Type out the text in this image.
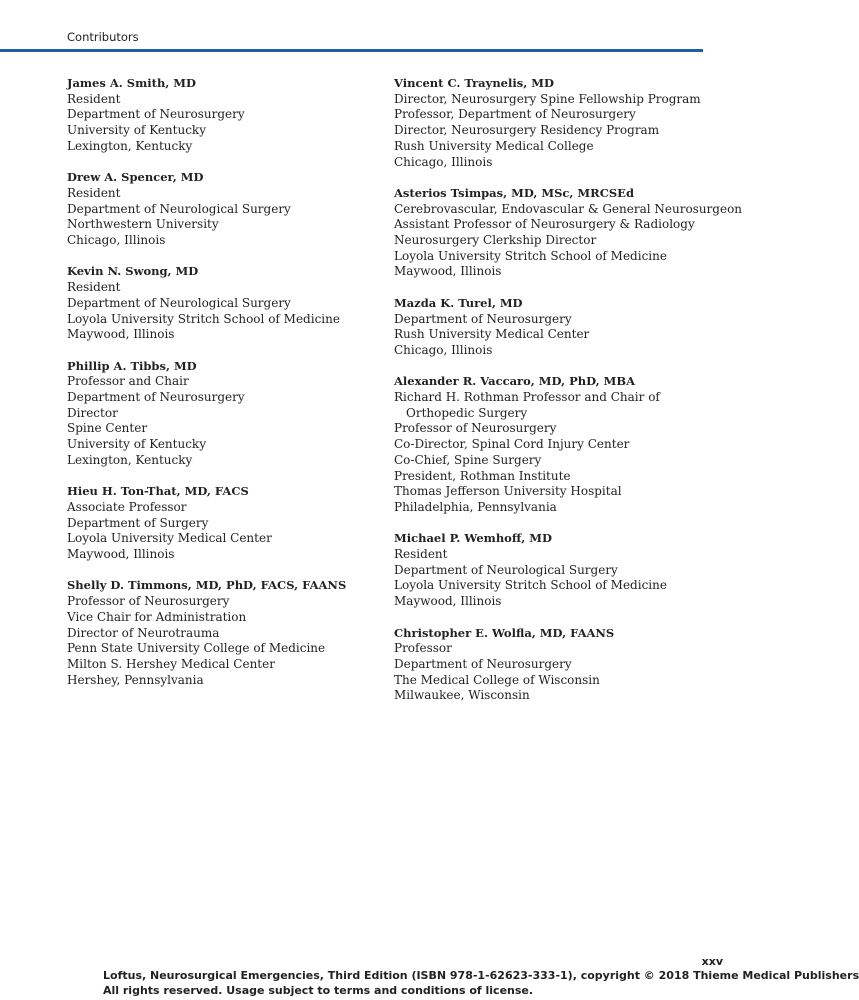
Contributors
James A. Smith, MD
Resident
Department of Neurosurgery
University of Kentucky
Lexington, Kentucky
Drew A. Spencer, MD
Resident
Department of Neurological Surgery
Northwestern University
Chicago, Illinois
Kevin N. Swong, MD
Resident
Department of Neurological Surgery
Loyola University Stritch School of Medicine
Maywood, Illinois
Phillip A. Tibbs, MD
Professor and Chair
Department of Neurosurgery
Director
Spine Center
University of Kentucky
Lexington, Kentucky
Hieu H. Ton-That, MD, FACS
Associate Professor
Department of Surgery
Loyola University Medical Center
Maywood, Illinois
Shelly D. Timmons, MD, PhD, FACS, FAANS
Professor of Neurosurgery
Vice Chair for Administration
Director of Neurotrauma
Penn State University College of Medicine
Milton S. Hershey Medical Center
Hershey, Pennsylvania
Vincent C. Traynelis, MD
Director, Neurosurgery Spine Fellowship Program
Professor, Department of Neurosurgery
Director, Neurosurgery Residency Program
Rush University Medical College
Chicago, Illinois
Asterios Tsimpas, MD, MSc, MRCSEd
Cerebrovascular, Endovascular & General Neurosurgeon
Assistant Professor of Neurosurgery & Radiology
Neurosurgery Clerkship Director
Loyola University Stritch School of Medicine
Maywood, Illinois
Mazda K. Turel, MD
Department of Neurosurgery
Rush University Medical Center
Chicago, Illinois
Alexander R. Vaccaro, MD, PhD, MBA
Richard H. Rothman Professor and Chair of
Orthopedic Surgery
Professor of Neurosurgery
Co-Director, Spinal Cord Injury Center
Co-Chief, Spine Surgery
President, Rothman Institute
Thomas Jefferson University Hospital
Philadelphia, Pennsylvania
Michael P. Wemhoff, MD
Resident
Department of Neurological Surgery
Loyola University Stritch School of Medicine
Maywood, Illinois
Christopher E. Wolfla, MD, FAANS
Professor
Department of Neurosurgery
The Medical College of Wisconsin
Milwaukee, Wisconsin
xxv
Loftus, Neurosurgical Emergencies, Third Edition (ISBN 978-1-62623-333-1), copyright © 2018 Thieme Medical Publishers
All rights reserved. Usage subject to terms and conditions of license.
